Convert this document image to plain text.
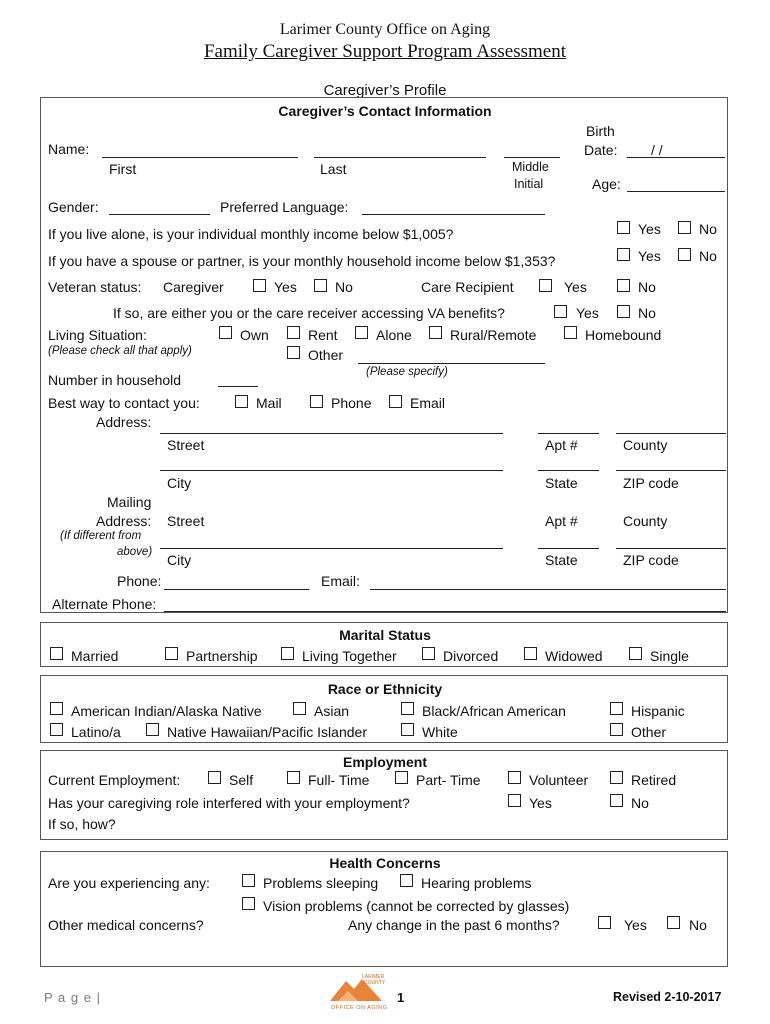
Larimer County Office on Aging
Family Caregiver Support Program Assessment
Caregiver’s Profile
Caregiver’s Contact Information
Name:
First	Last	Middle
Initial
Birth
Date: / /
Age:
Gender:	Preferred Language:
If you live alone, is your individual monthly income below $1,005?	Yes	No
If you have a spouse or partner, is your monthly household income below $1,353?	Yes	No
Veteran status: Caregiver	Yes	No	Care Recipient	Yes	No
If so, are either you or the care receiver accessing VA benefits?	Yes	No
Living Situation:
(Please check all that apply)
Own	Rent	Alone	Rural/Remote	Homebound
Other
(Please specify)
Number in household
Best way to contact you:	Mail	Phone	Email
Address:
Street	Apt #	County
City	State	ZIP code
Mailing
Address: Street	Apt #	County
(If different from
above) City	State	ZIP code
Phone:	Email:
Alternate Phone:
Marital Status
Married	Partnership	Living Together	Divorced	Widowed	Single
Race or Ethnicity
American Indian/Alaska Native	Asian	Black/African American	Hispanic
Latino/a	Native Hawaiian/Pacific Islander	White	Other
Employment
Current Employment:	Self	Full- Time	Part- Time	Volunteer	Retired
Has your caregiving role interfered with your employment?	Yes	No
If so, how?
Health Concerns
Are you experiencing any:	Problems sleeping	Hearing problems
Vision problems (cannot be corrected by glasses)
Other medical concerns?	Any change in the past 6 months?	Yes	No
P a g e |
LARIMER
COUNTY
OFFICE ON AGING
1	Revised 2-10-2017
